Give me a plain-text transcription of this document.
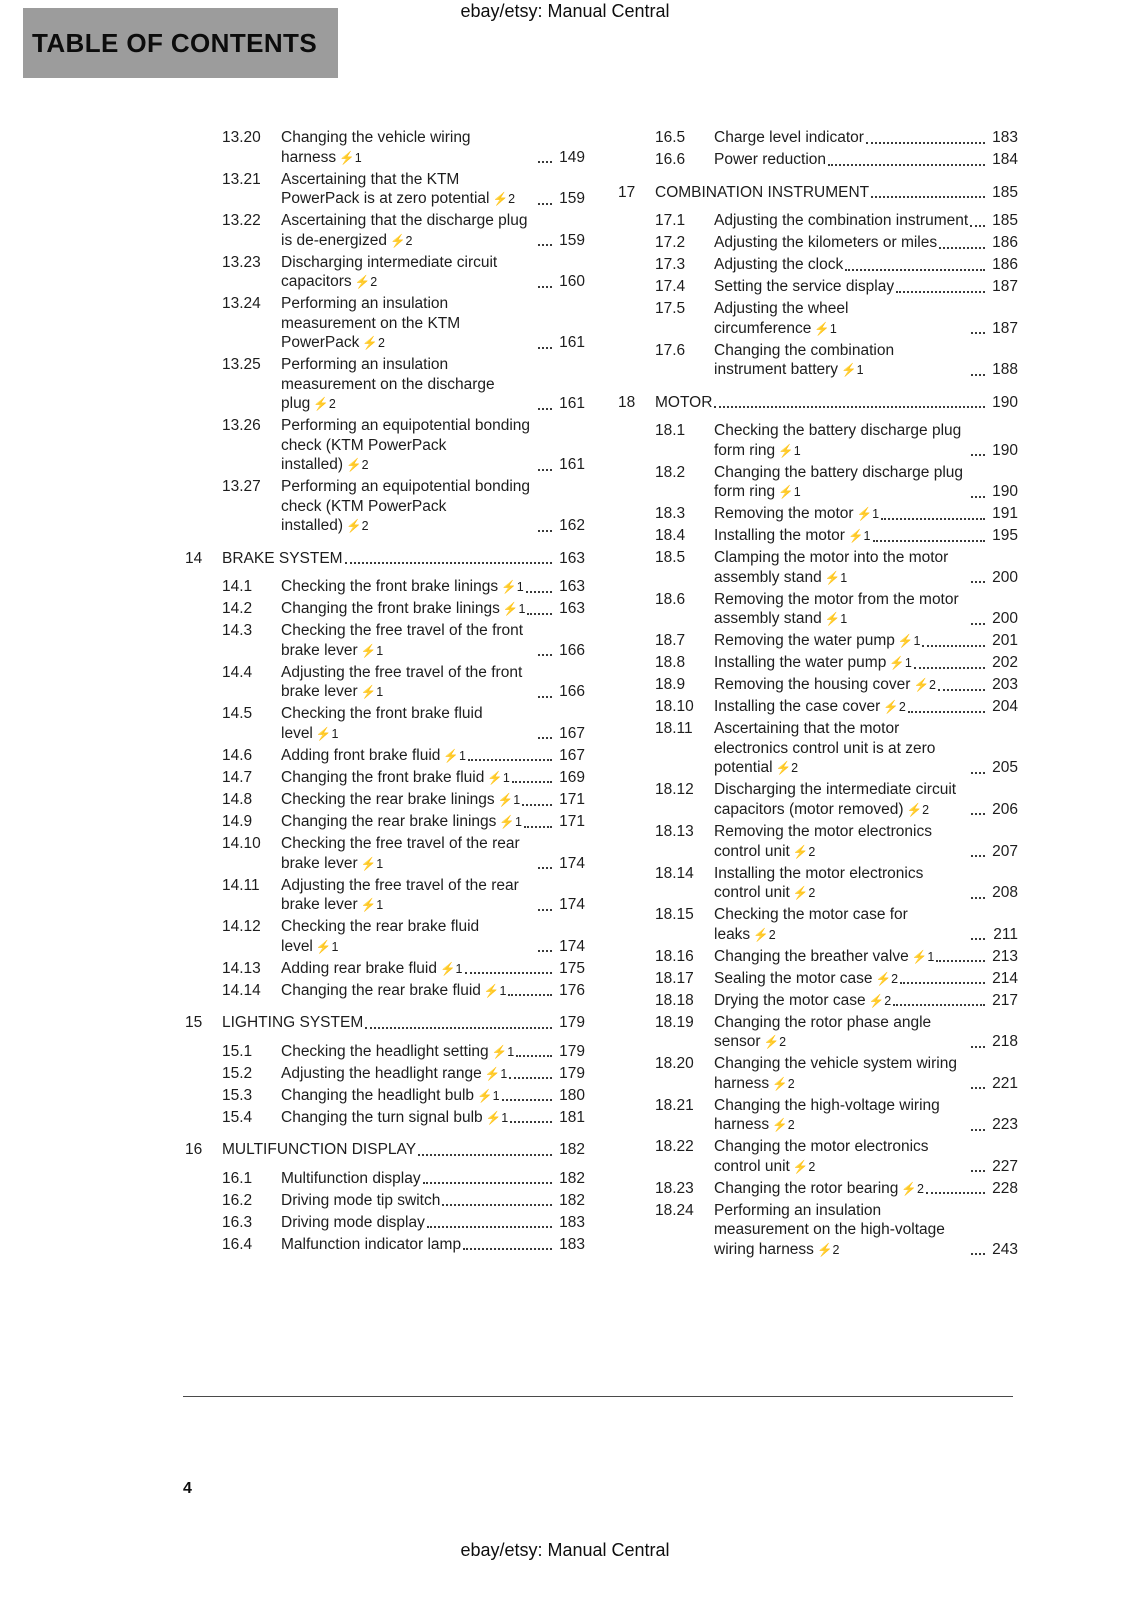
ebay/etsy: Manual Central
TABLE OF CONTENTS
13.20	Changing the vehicle wiring harness ⚡1	149
13.21	Ascertaining that the KTM PowerPack is at zero potential ⚡2	159
13.22	Ascertaining that the discharge plug is de-energized ⚡2	159
13.23	Discharging intermediate circuit capacitors ⚡2	160
13.24	Performing an insulation measurement on the KTM PowerPack ⚡2	161
13.25	Performing an insulation measurement on the discharge plug ⚡2	161
13.26	Performing an equipotential bonding check (KTM PowerPack installed) ⚡2	161
13.27	Performing an equipotential bonding check (KTM PowerPack installed) ⚡2	162
14	BRAKE SYSTEM	163
14.1	Checking the front brake linings ⚡1 163
14.2	Changing the front brake linings ⚡1 163
14.3	Checking the free travel of the front brake lever ⚡1	166
14.4	Adjusting the free travel of the front brake lever ⚡1	166
14.5	Checking the front brake fluid level ⚡1	167
14.6	Adding front brake fluid ⚡1	167
14.7	Changing the front brake fluid ⚡1	169
14.8	Checking the rear brake linings ⚡1	171
14.9	Changing the rear brake linings ⚡1 171
14.10	Checking the free travel of the rear brake lever ⚡1	174
14.11	Adjusting the free travel of the rear brake lever ⚡1	174
14.12	Checking the rear brake fluid level ⚡1	174
14.13	Adding rear brake fluid ⚡1	175
14.14	Changing the rear brake fluid ⚡1	176
15	LIGHTING SYSTEM	179
15.1	Checking the headlight setting ⚡1	179
15.2	Adjusting the headlight range ⚡1	179
15.3	Changing the headlight bulb ⚡1	180
15.4	Changing the turn signal bulb ⚡1	181
16	MULTIFUNCTION DISPLAY	182
16.1	Multifunction display	182
16.2	Driving mode tip switch	182
16.3	Driving mode display	183
16.4	Malfunction indicator lamp	183
16.5	Charge level indicator	183
16.6	Power reduction	184
17	COMBINATION INSTRUMENT	185
17.1	Adjusting the combination instrument 185
17.2	Adjusting the kilometers or miles	186
17.3	Adjusting the clock	186
17.4	Setting the service display	187
17.5	Adjusting the wheel circumference ⚡1	187
17.6	Changing the combination instrument battery ⚡1	188
18	MOTOR	190
18.1	Checking the battery discharge plug form ring ⚡1	190
18.2	Changing the battery discharge plug form ring ⚡1	190
18.3	Removing the motor ⚡1	191
18.4	Installing the motor ⚡1	195
18.5	Clamping the motor into the motor assembly stand ⚡1	200
18.6	Removing the motor from the motor assembly stand ⚡1	200
18.7	Removing the water pump ⚡1	201
18.8	Installing the water pump ⚡1	202
18.9	Removing the housing cover ⚡2	203
18.10	Installing the case cover ⚡2	204
18.11	Ascertaining that the motor electronics control unit is at zero potential ⚡2	205
18.12	Discharging the intermediate circuit capacitors (motor removed) ⚡2	206
18.13	Removing the motor electronics control unit ⚡2	207
18.14	Installing the motor electronics control unit ⚡2	208
18.15	Checking the motor case for leaks ⚡2	211
18.16	Changing the breather valve ⚡1	213
18.17	Sealing the motor case ⚡2	214
18.18	Drying the motor case ⚡2	217
18.19	Changing the rotor phase angle sensor ⚡2	218
18.20	Changing the vehicle system wiring harness ⚡2	221
18.21	Changing the high-voltage wiring harness ⚡2	223
18.22	Changing the motor electronics control unit ⚡2	227
18.23	Changing the rotor bearing ⚡2	228
18.24	Performing an insulation measurement on the high-voltage wiring harness ⚡2	243
4
ebay/etsy: Manual Central
